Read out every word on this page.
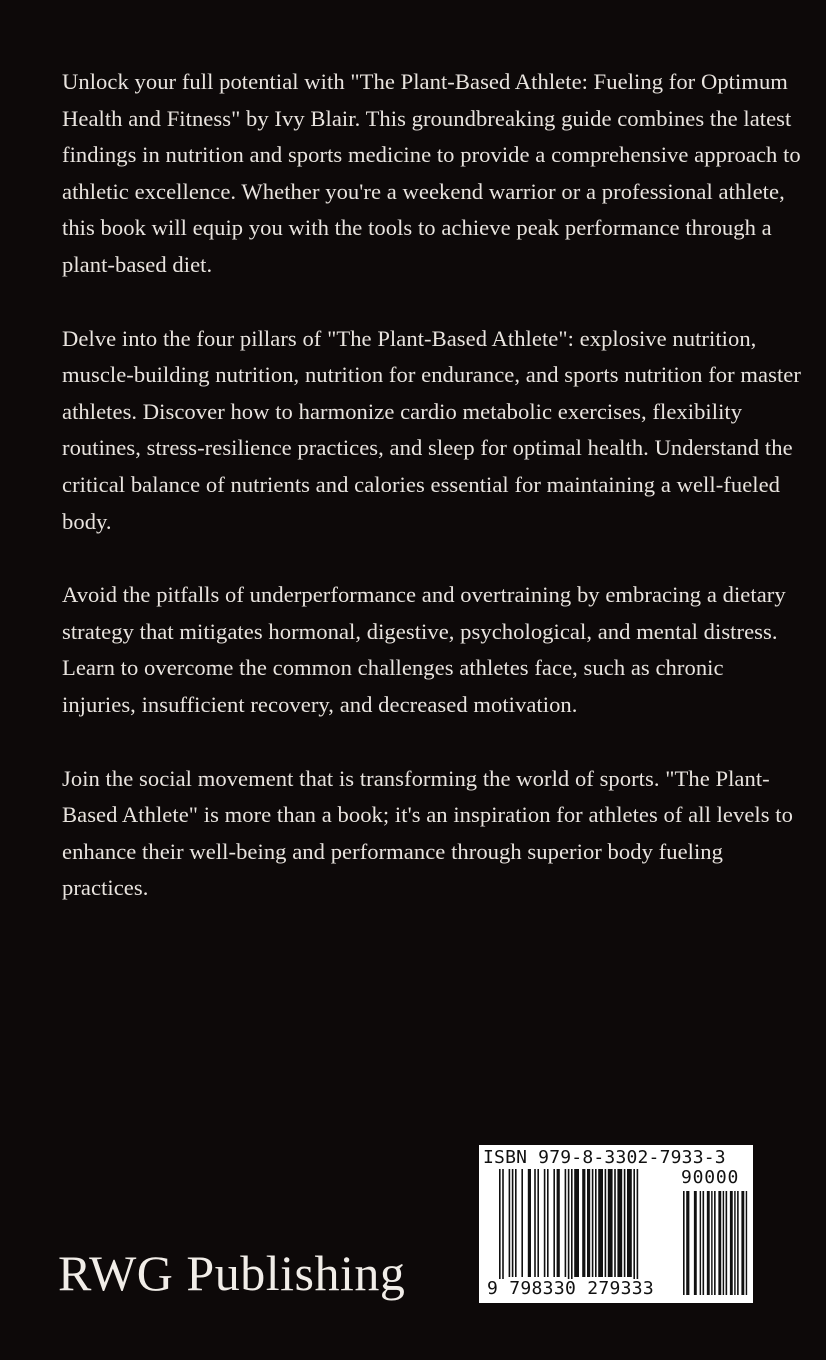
Unlock your full potential with "The Plant-Based Athlete: Fueling for Optimum Health and Fitness" by Ivy Blair. This groundbreaking guide combines the latest findings in nutrition and sports medicine to provide a comprehensive approach to athletic excellence. Whether you're a weekend warrior or a professional athlete, this book will equip you with the tools to achieve peak performance through a plant-based diet.

Delve into the four pillars of "The Plant-Based Athlete": explosive nutrition, muscle-building nutrition, nutrition for endurance, and sports nutrition for master athletes. Discover how to harmonize cardio metabolic exercises, flexibility routines, stress-resilience practices, and sleep for optimal health. Understand the critical balance of nutrients and calories essential for maintaining a well-fueled body.

Avoid the pitfalls of underperformance and overtraining by embracing a dietary strategy that mitigates hormonal, digestive, psychological, and mental distress. Learn to overcome the common challenges athletes face, such as chronic injuries, insufficient recovery, and decreased motivation.

Join the social movement that is transforming the world of sports. "The Plant-Based Athlete" is more than a book; it's an inspiration for athletes of all levels to enhance their well-being and performance through superior body fueling practices.

RWG Publishing
ISBN 979-8-3302-7933-3
90000
9 798330 279333
